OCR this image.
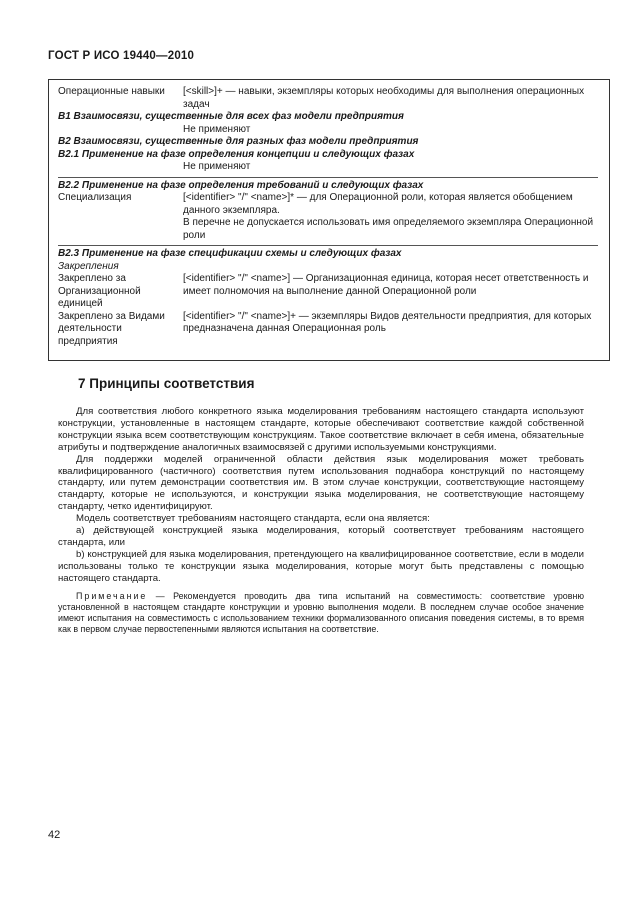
ГОСТ Р ИСО 19440—2010
Операционные навыки	[<skill>]+ — навыки, экземпляры которых необходимы для выполнения операционных задач
B1 Взаимосвязи, существенные для всех фаз модели предприятия
Не применяют
B2 Взаимосвязи, существенные для разных фаз модели предприятия
B2.1 Применение на фазе определения концепции и следующих фазах
Не применяют
B2.2 Применение на фазе определения требований и следующих фазах
Специализация	[<identifier> "/" <name>]* — для Операционной роли, которая является обобщением данного экземпляра.
В перечне не допускается использовать имя определяемого экземпляра Операционной роли
B2.3 Применение на фазе спецификации схемы и следующих фазах
Закрепления
Закреплено за Организационной единицей
[<identifier> "/" <name>] — Организационная единица, которая несет ответственность и имеет полномочия на выполнение данной Операционной роли
Закреплено за Видами деятельности предприятия
[<identifier> "/" <name>]+ — экземпляры Видов деятельности предприятия, для которых предназначена данная Операционная роль
7 Принципы соответствия

Для соответствия любого конкретного языка моделирования требованиям настоящего стандарта используют конструкции, установленные в настоящем стандарте, которые обеспечивают соответствие каждой собственной конструкции языка всем соответствующим конструкциям. Такое соответствие включает в себя имена, обязательные атрибуты и подтверждение аналогичных взаимосвязей с другими используемыми конструкциями.

Для поддержки моделей ограниченной области действия язык моделирования может требовать квалифицированного (частичного) соответствия путем использования поднабора конструкций по настоящему стандарту, или путем демонстрации соответствия им. В этом случае конструкции, соответствующие настоящему стандарту, которые не используются, и конструкции языка моделирования, не соответствующие настоящему стандарту, четко идентифицируют.

Модель соответствует требованиям настоящего стандарта, если она является:

a) действующей конструкцией языка моделирования, который соответствует требованиям настоящего стандарта, или

b) конструкцией для языка моделирования, претендующего на квалифицированное соответствие, если в модели использованы только те конструкции языка моделирования, которые могут быть представлены с помощью настоящего стандарта.

Примечание — Рекомендуется проводить два типа испытаний на совместимость: соответствие уровню установленной в настоящем стандарте конструкции и уровню выполнения модели. В последнем случае особое значение имеют испытания на совместимость с использованием техники формализованного описания поведения системы, в то время как в первом случае первостепенными являются испытания на соответствие.

42
